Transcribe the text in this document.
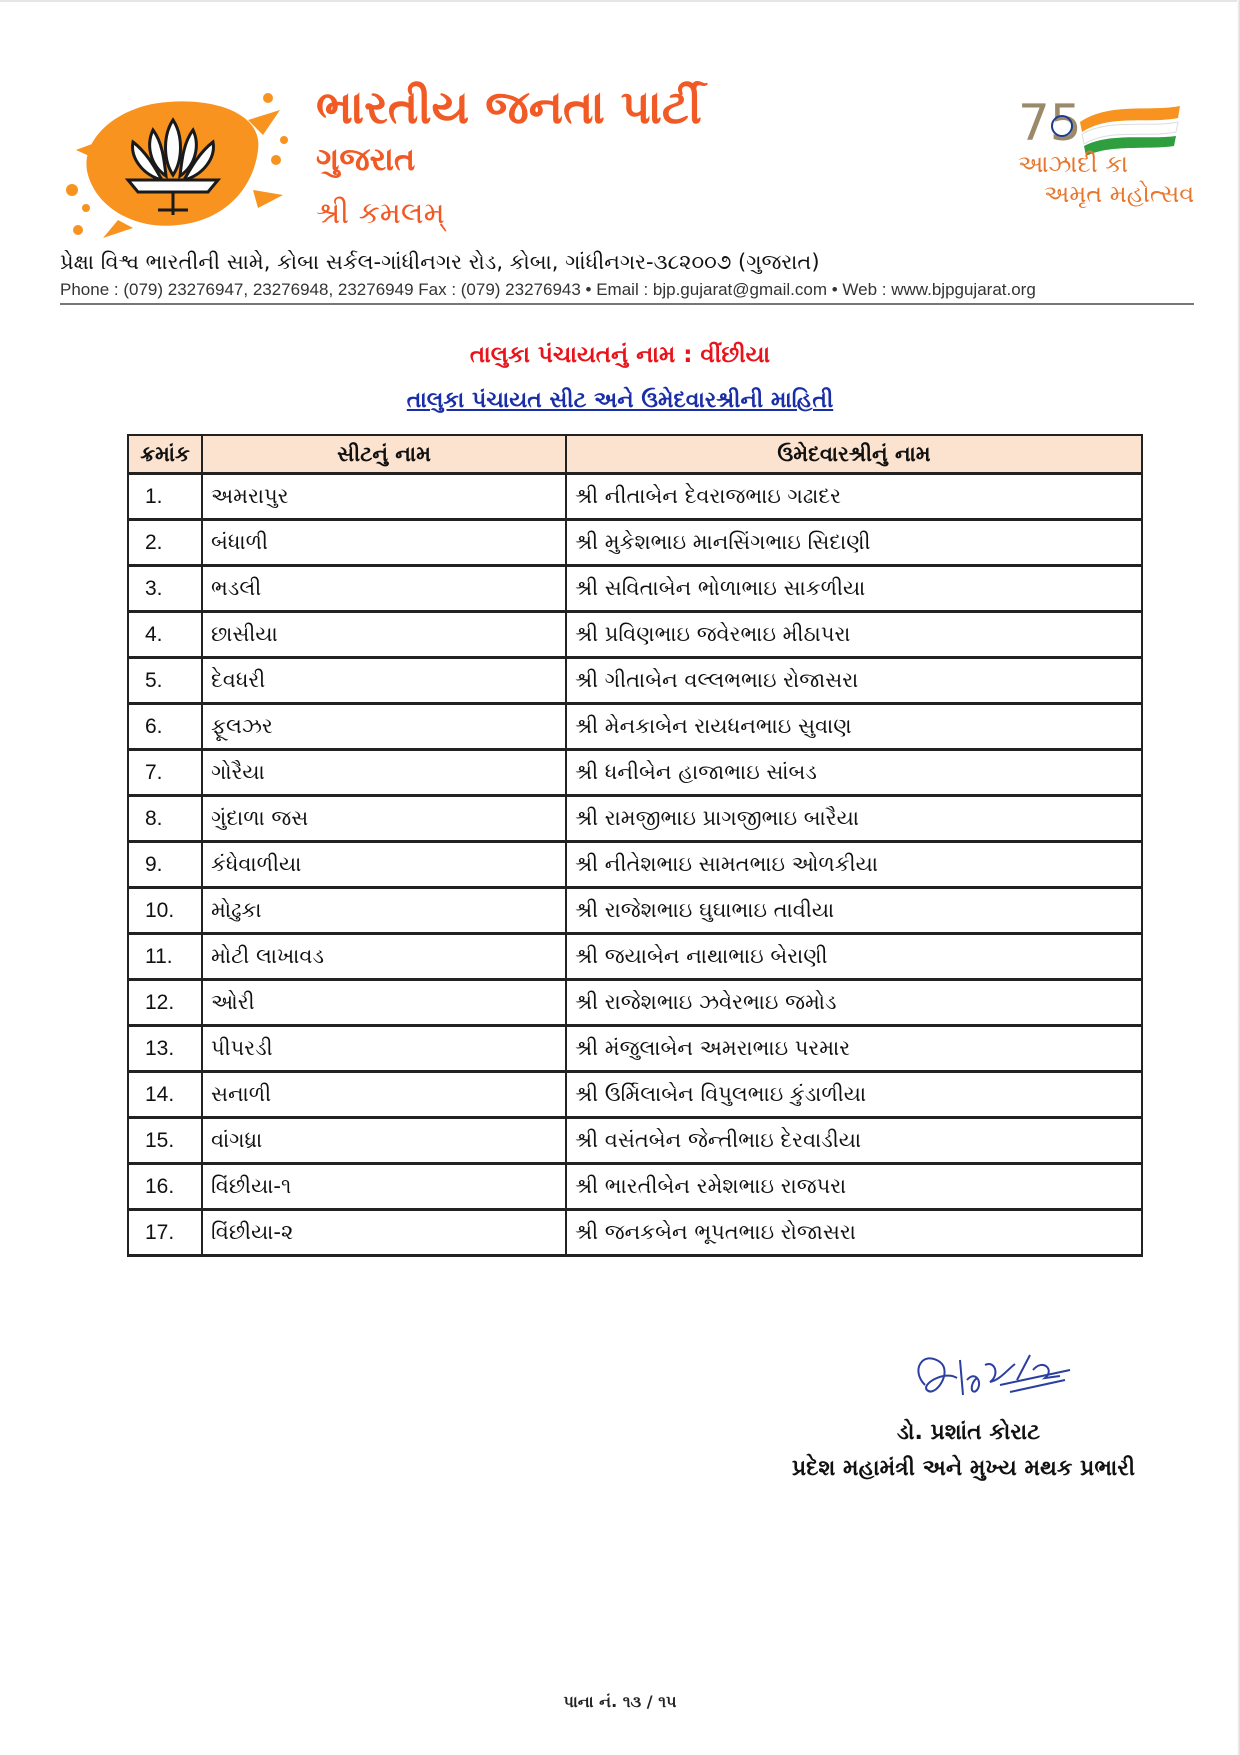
ભારતીય જનતા પાર્ટી
ગુજરાત
શ્રી કમલમ્
75
આઝાદી કા
અમૃત મહોત્સવ
પ્રેક્ષા વિશ્વ ભારતીની સામે, કોબા સર્કલ-ગાંધીનગર રોડ, કોબા, ગાંધીનગર-૩૮૨૦૦૭ (ગુજરાત)
Phone : (079) 23276947, 23276948, 23276949 Fax : (079) 23276943 • Email : bjp.gujarat@gmail.com • Web : www.bjpgujarat.org
તાલુકા પંચાયતનું નામ : વીંછીયા
તાલુકા પંચાયત સીટ અને ઉમેદવારશ્રીની માહિતી
ક્રમાંક	સીટનું નામ	ઉમેદવારશ્રીનું નામ
1.	અમરાપુર	શ્રી નીતાબેન દેવરાજભાઇ ગઢાદર
2.	બંધાળી	શ્રી મુકેશભાઇ માનસિંગભાઇ સિદાણી
3.	ભડલી	શ્રી સવિતાબેન ભોળાભાઇ સાકળીયા
4.	છાસીયા	શ્રી પ્રવિણભાઇ જવેરભાઇ મીઠાપરા
5.	દેવધરી	શ્રી ગીતાબેન વલ્લભભાઇ રોજાસરા
6.	ફૂલઝર	શ્રી મેનકાબેન રાયધનભાઇ સુવાણ
7.	ગોરૈયા	શ્રી ધનીબેન હાજાભાઇ સાંબડ
8.	ગુંદાળા જસ	શ્રી રામજીભાઇ પ્રાગજીભાઇ બારૈયા
9.	કંધેવાળીયા	શ્રી નીતેશભાઇ સામતભાઇ ઓળકીયા
10.	મોઢુકા	શ્રી રાજેશભાઇ ઘુઘાભાઇ તાવીયા
11.	મોટી લાખાવડ	શ્રી જયાબેન નાથાભાઇ બેરાણી
12.	ઓરી	શ્રી રાજેશભાઇ ઝવેરભાઇ જમોડ
13.	પીપરડી	શ્રી મંજુલાબેન અમરાભાઇ પરમાર
14.	સનાળી	શ્રી ઉર્મિલાબેન વિપુલભાઇ કુંડાળીયા
15.	વાંગધ્રા	શ્રી વસંતબેન જેન્તીભાઇ દેરવાડીયા
16.	વિંછીયા-૧	શ્રી ભારતીબેન રમેશભાઇ રાજપરા
17.	વિંછીયા-૨	શ્રી જનકબેન ભૂપતભાઇ રોજાસરા
ડો. પ્રશાંત કોરાટ
પ્રદેશ મહામંત્રી અને મુખ્ય મથક પ્રભારી
પાના નં. ૧૩ / ૧૫
